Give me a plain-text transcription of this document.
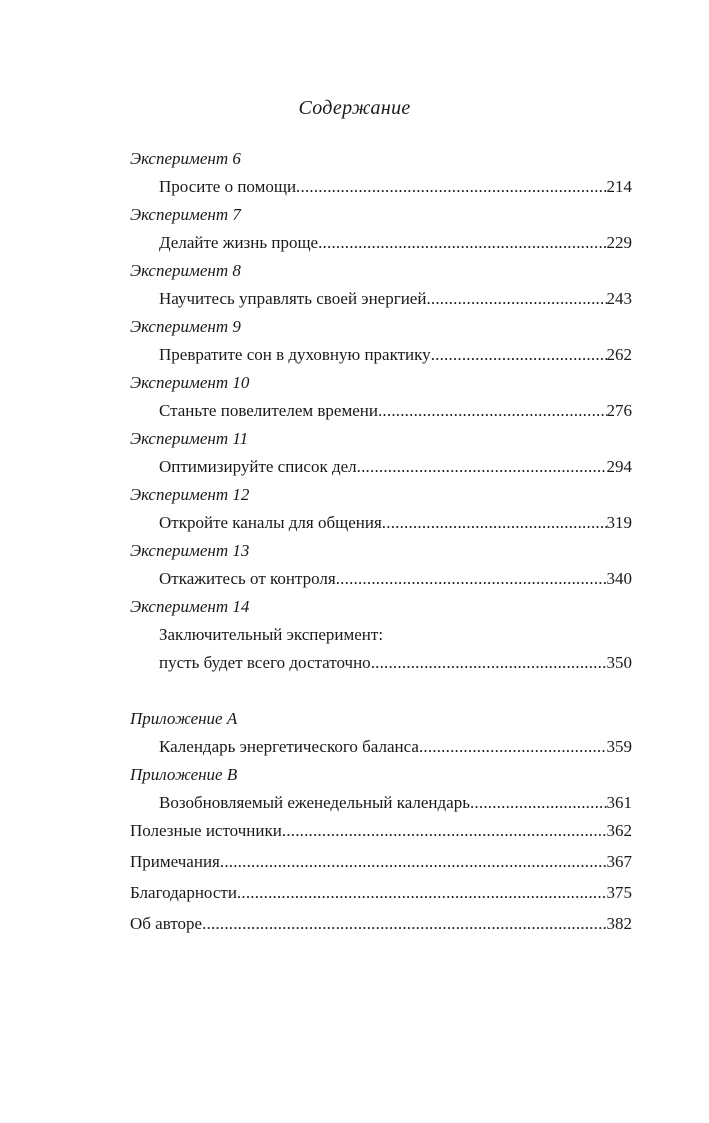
Содержание
Эксперимент 6
Просите о помощи .....	214
Эксперимент 7
Делайте жизнь проще .....	229
Эксперимент 8
Научитесь управлять своей энергией .....	243
Эксперимент 9
Превратите сон в духовную практику .....	262
Эксперимент 10
Станьте повелителем времени .....	276
Эксперимент 11
Оптимизируйте список дел .....	294
Эксперимент 12
Откройте каналы для общения .....	319
Эксперимент 13
Откажитесь от контроля .....	340
Эксперимент 14
Заключительный эксперимент:
пусть будет всего достаточно .....	350
Приложение А
Календарь энергетического баланса .....	359
Приложение В
Возобновляемый еженедельный календарь .....	361
Полезные источники .....	362
Примечания .....	367
Благодарности .....	375
Об авторе .....	382
